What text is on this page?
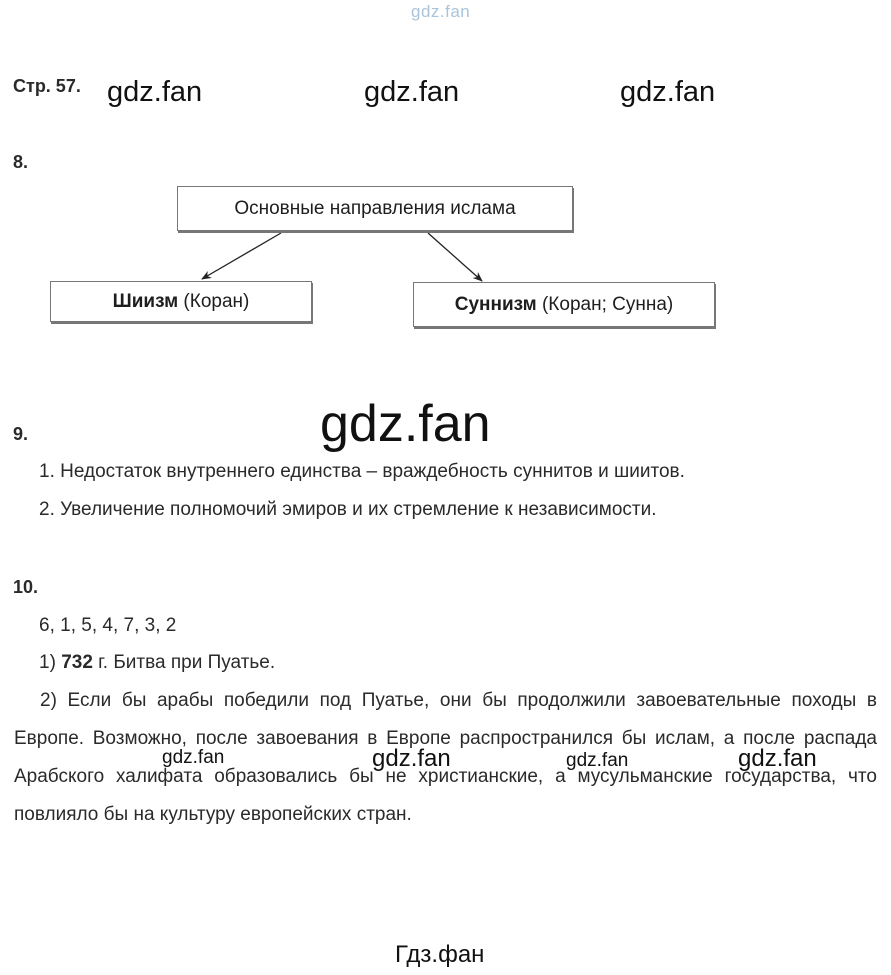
gdz.fan
Стр. 57. gdz.fan	gdz.fan	gdz.fan
8.
Основные направления ислама
Шиизм (Коран)	Суннизм (Коран; Сунна)
gdz.fan
9.
1. Недостаток внутреннего единства – враждебность суннитов и шиитов.
2. Увеличение полномочий эмиров и их стремление к независимости.
10.
6, 1, 5, 4, 7, 3, 2
1) 732 г. Битва при Пуатье.
2) Если бы арабы победили под Пуатье, они бы продолжили завоевательные походы в Европе. Возможно, после завоевания в Европе распространился бы ислам, а после распада Арабского халифата образовались бы не христианские, а мусульманские государства, что повлияло бы на культуру европейских стран.
gdz.fan	gdz.fan	gdz.fan	gdz.fan
Гдз.фан
